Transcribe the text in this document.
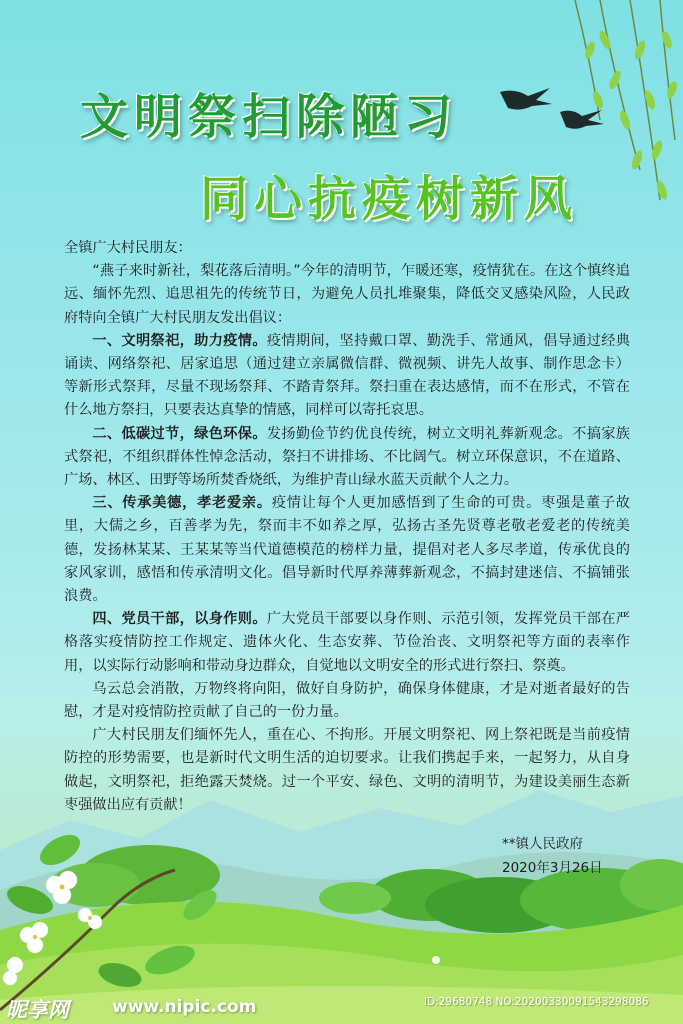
文明祭扫除陋习
同心抗疫树新风

全镇广大村民朋友：

“燕子来时新社，梨花落后清明。”今年的清明节，乍暖还寒，疫情犹在。在这个慎终追远、缅怀先烈、追思祖先的传统节日，为避免人员扎堆聚集，降低交叉感染风险，人民政府特向全镇广大村民朋友发出倡议：

一、文明祭祀，助力疫情。疫情期间，坚持戴口罩、勤洗手、常通风，倡导通过经典诵读、网络祭祀、居家追思（通过建立亲属微信群、微视频、讲先人故事、制作思念卡）等新形式祭拜，尽量不现场祭拜、不踏青祭拜。祭扫重在表达感情，而不在形式，不管在什么地方祭扫，只要表达真挚的情感，同样可以寄托哀思。

二、低碳过节，绿色环保。发扬勤俭节约优良传统，树立文明礼葬新观念。不搞家族式祭祀，不组织群体性悼念活动，祭扫不讲排场、不比阔气。树立环保意识，不在道路、广场、林区、田野等场所焚香烧纸，为维护青山绿水蓝天贡献个人之力。

三、传承美德，孝老爱亲。疫情让每个人更加感悟到了生命的可贵。枣强是董子故里，大儒之乡，百善孝为先，祭而丰不如养之厚，弘扬古圣先贤尊老敬老爱老的传统美德，发扬林某某、王某某等当代道德模范的榜样力量，提倡对老人多尽孝道，传承优良的家风家训，感悟和传承清明文化。倡导新时代厚养薄葬新观念，不搞封建迷信、不搞铺张浪费。

四、党员干部，以身作则。广大党员干部要以身作则、示范引领，发挥党员干部在严格落实疫情防控工作规定、遗体火化、生态安葬、节俭治丧、文明祭祀等方面的表率作用，以实际行动影响和带动身边群众，自觉地以文明安全的形式进行祭扫、祭奠。

乌云总会消散，万物终将向阳，做好自身防护，确保身体健康，才是对逝者最好的告慰，才是对疫情防控贡献了自己的一份力量。

广大村民朋友们缅怀先人，重在心、不拘形。开展文明祭祀、网上祭祀既是当前疫情防控的形势需要，也是新时代文明生活的迫切要求。让我们携起手来，一起努力，从自身做起，文明祭祀，拒绝露天焚烧。过一个平安、绿色、文明的清明节，为建设美丽生态新枣强做出应有贡献！

**镇人民政府
2020年3月26日
昵享网	www.nipic.com	ID:29680748 NO:20200330091543298086
